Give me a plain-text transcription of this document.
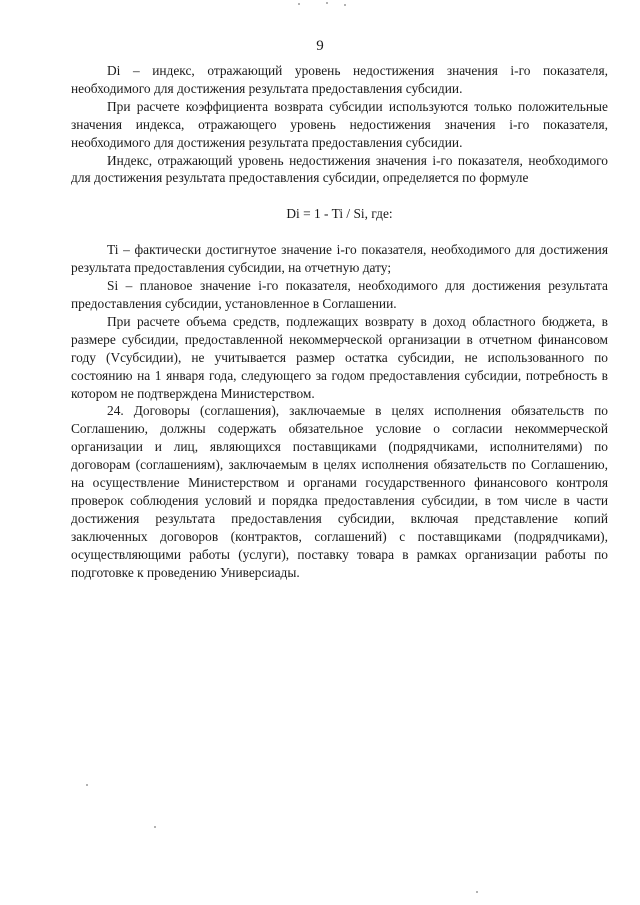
9

Di – индекс, отражающий уровень недостижения значения i-го показателя, необходимого для достижения результата предоставления субсидии.

При расчете коэффициента возврата субсидии используются только положительные значения индекса, отражающего уровень недостижения значения i-го показателя, необходимого для достижения результата предоставления субсидии.

Индекс, отражающий уровень недостижения значения i-го показателя, необходимого для достижения результата предоставления субсидии, определяется по формуле

Di = 1 - Ti / Si, где:

Ti – фактически достигнутое значение i-го показателя, необходимого для достижения результата предоставления субсидии, на отчетную дату;

Si – плановое значение i-го показателя, необходимого для достижения результата предоставления субсидии, установленное в Соглашении.

При расчете объема средств, подлежащих возврату в доход областного бюджета, в размере субсидии, предоставленной некоммерческой организации в отчетном финансовом году (Vсубсидии), не учитывается размер остатка субсидии, не использованного по состоянию на 1 января года, следующего за годом предоставления субсидии, потребность в котором не подтверждена Министерством.

24. Договоры (соглашения), заключаемые в целях исполнения обязательств по Соглашению, должны содержать обязательное условие о согласии некоммерческой организации и лиц, являющихся поставщиками (подрядчиками, исполнителями) по договорам (соглашениям), заключаемым в целях исполнения обязательств по Соглашению, на осуществление Министерством и органами государственного финансового контроля проверок соблюдения условий и порядка предоставления субсидии, в том числе в части достижения результата предоставления субсидии, включая представление копий заключенных договоров (контрактов, соглашений) с поставщиками (подрядчиками), осуществляющими работы (услуги), поставку товара в рамках организации работы по подготовке к проведению Универсиады.
